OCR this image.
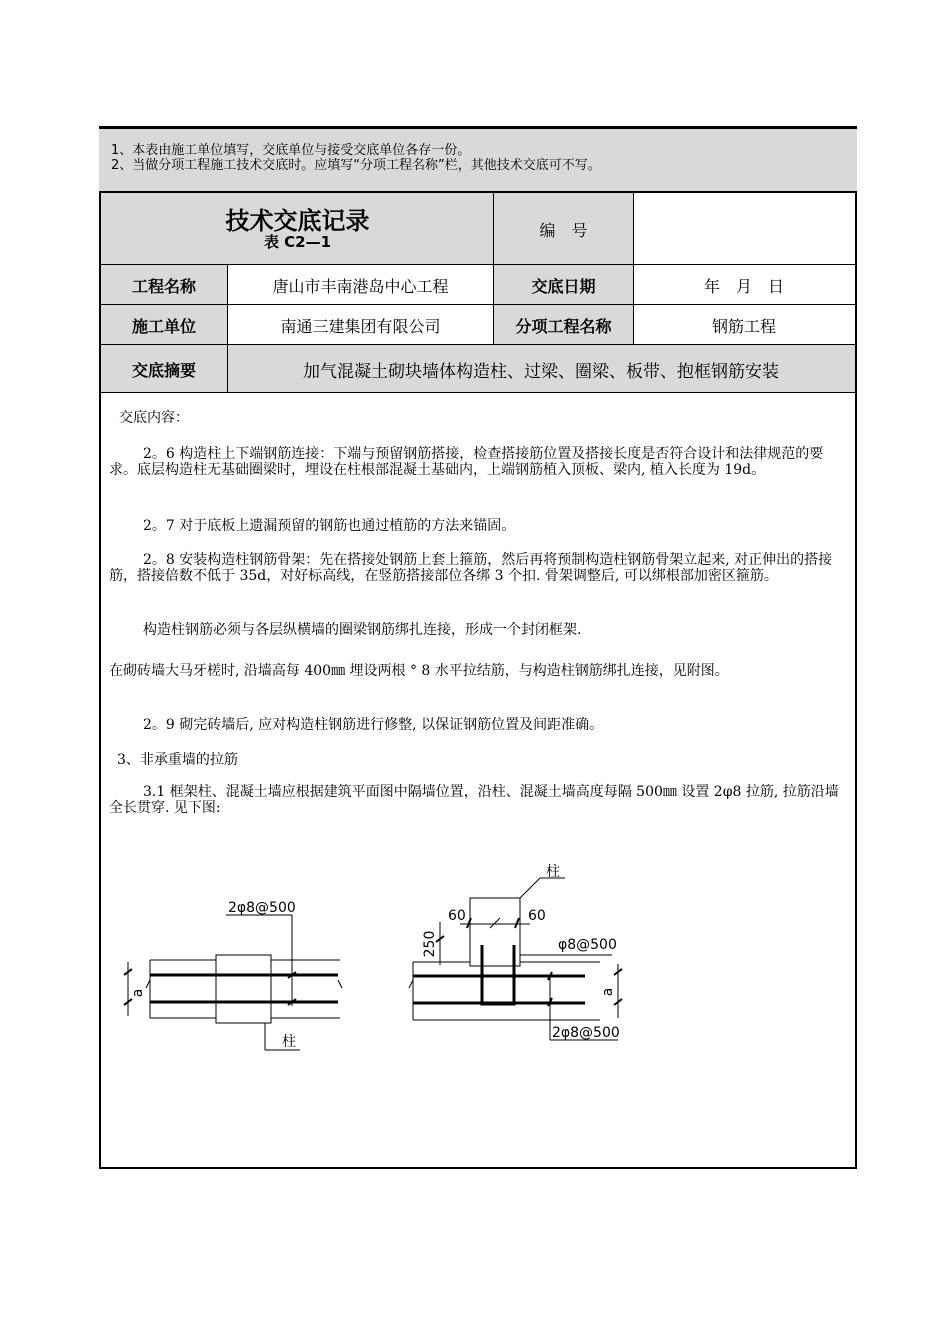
1、本表由施工单位填写，交底单位与接受交底单位各存一份。
2、当做分项工程施工技术交底时。应填写“分项工程名称”栏，其他技术交底可不写。
技术交底记录
表 C2—1
编　号
工程名称	唐山市丰南港岛中心工程	交底日期	年　月　日
施工单位	南通三建集团有限公司	分项工程名称	钢筋工程
交底摘要	加气混凝土砌块墙体构造柱、过梁、圈梁、板带、抱框钢筋安装

交底内容：

2。6 构造柱上下端钢筋连接：下端与预留钢筋搭接，检查搭接筋位置及搭接长度是否符合设计和法律规范的要求。底层构造柱无基础圈梁时，埋设在柱根部混凝土基础内，上端钢筋植入顶板、梁内, 植入长度为 19d。

2。7 对于底板上遗漏预留的钢筋也通过植筋的方法来锚固。

2。8 安装构造柱钢筋骨架：先在搭接处钢筋上套上箍筋，然后再将预制构造柱钢筋骨架立起来, 对正伸出的搭接筋，搭接倍数不低于 35d，对好标高线，在竖筋搭接部位各绑 3 个扣. 骨架调整后, 可以绑根部加密区箍筋。

构造柱钢筋必须与各层纵横墙的圈梁钢筋绑扎连接，形成一个封闭框架.

在砌砖墙大马牙槎时, 沿墙高每 400㎜ 埋设两根 ° 8 水平拉结筋，与构造柱钢筋绑扎连接，见附图。

2。9 砌完砖墙后, 应对构造柱钢筋进行修整, 以保证钢筋位置及间距准确。

3、非承重墙的拉筋

3.1 框架柱、混凝土墙应根据建筑平面图中隔墙位置，沿柱、混凝土墙高度每隔 500㎜ 设置 2φ8 拉筋, 拉筋沿墙全长贯穿. 见下图:

2φ8@500
柱
a
柱
60	60
250	φ8@500
2φ8@500
a
